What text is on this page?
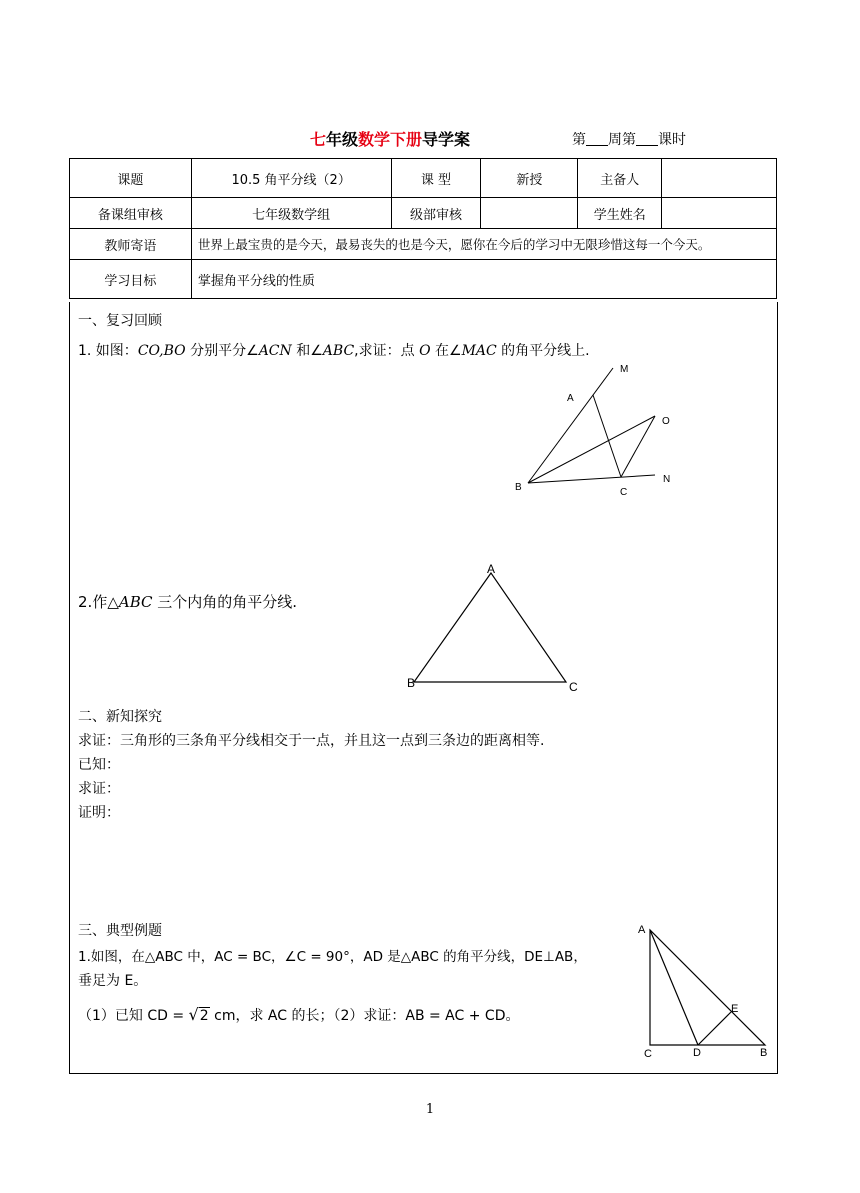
七年级数学下册导学案	第 周第 课时
课题	10.5 角平分线（2）	课 型	新授	主备人	
备课组审核	七年级数学组	级部审核		学生姓名	
教师寄语	世界上最宝贵的是今天，最易丧失的也是今天，愿你在今后的学习中无限珍惜这每一个今天。				
学习目标	掌握角平分线的性质				
一、复习回顾
1. 如图：CO,BO 分别平分∠ACN 和∠ABC,求证：点 O 在∠MAC 的角平分线上.
M
A
O
B
N
C
2.作△ABC 三个内角的角平分线.
A
B	C
二、新知探究
求证：三角形的三条角平分线相交于一点，并且这一点到三条边的距离相等.
已知：
求证：
证明：
三、典型例题
1.如图，在△ABC 中，AC = BC，∠C = 90°，AD 是△ABC 的角平分线，DE⊥AB，
垂足为 E。
（1）已知 CD = √2 cm，求 AC 的长；（2）求证：AB = AC + CD。
A
E
C	D	B
1
